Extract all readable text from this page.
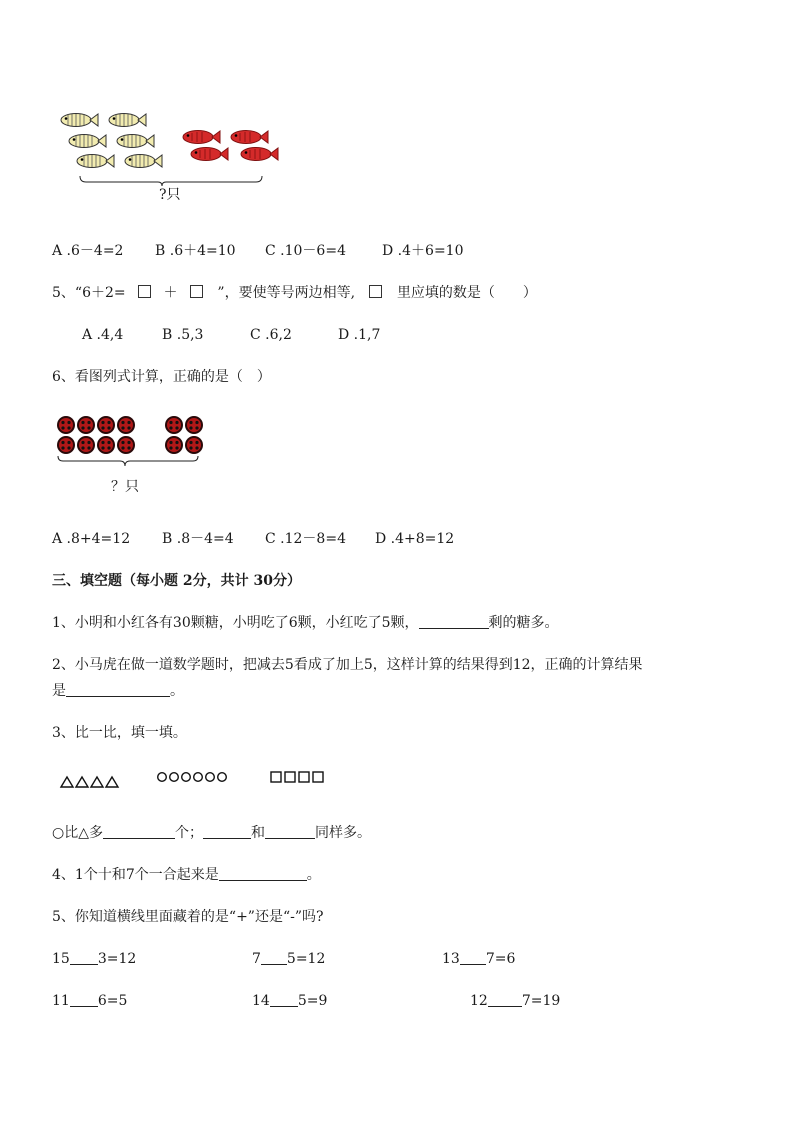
?只
A .6－4=2 B .6＋4=10 C .10－6=4	D .4＋6=10
5、“6＋2=	＋	”，要使等号两边相等,	里应填的数是（　　）
A .4,4	B .5,3	C .6,2	D .1,7
6、看图列式计算，正确的是（　）
？只
A .8+4=12 B .8－4=4 C .12－8=4 D .4+8=12
三、填空题（每小题 2分，共计 30分）
1、小明和小红各有30颗糖，小明吃了6颗，小红吃了5颗，	剩的糖多。
2、小马虎在做一道数学题时，把减去5看成了加上5，这样计算的结果得到12，正确的计算结果
是	。
3、比一比，填一填。
○比△多	个；	和	同样多。
4、1个十和7个一合起来是	。
5、你知道横线里面藏着的是“+”还是“-”吗?
15 3=12	7 5=12	13 7=6
11 6=5	14 5=9	12 7=19
